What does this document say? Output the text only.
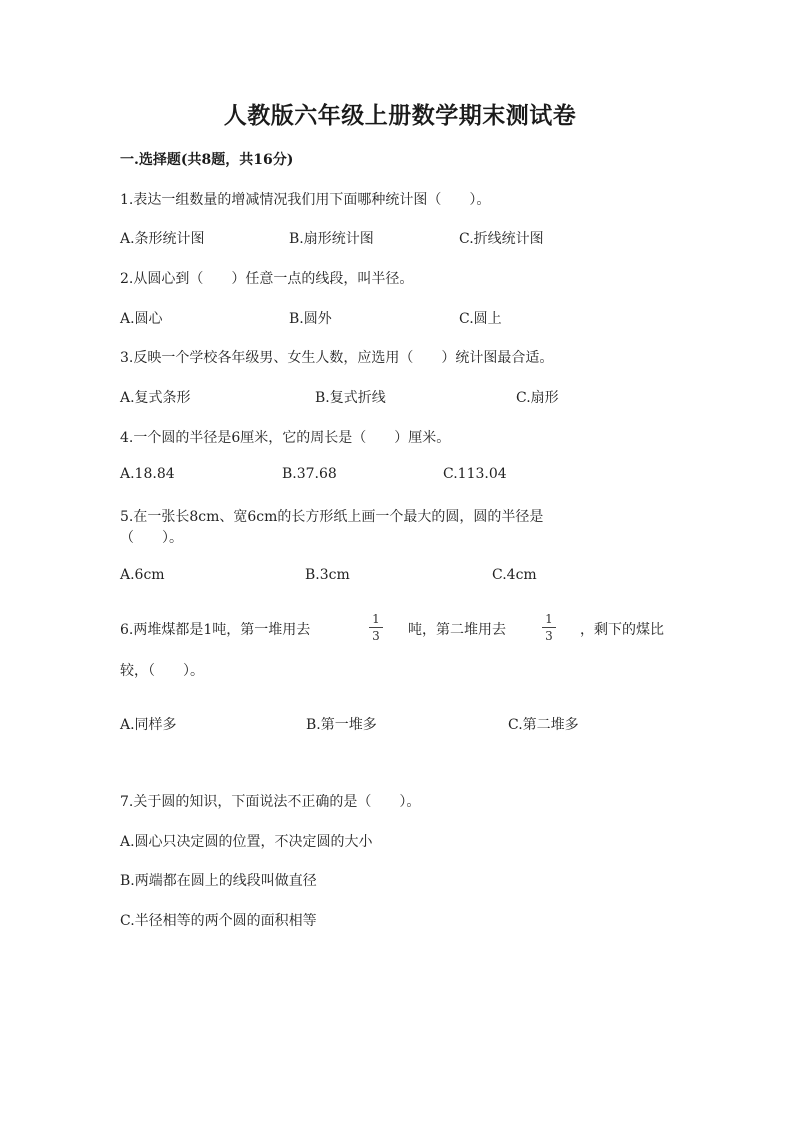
人教版六年级上册数学期末测试卷
一.选择题(共8题，共16分)
1.表达一组数量的增减情况我们用下面哪种统计图（　　）。
A.条形统计图	B.扇形统计图	C.折线统计图
2.从圆心到（　　）任意一点的线段，叫半径。
A.圆心	B.圆外	C.圆上
3.反映一个学校各年级男、女生人数，应选用（　　）统计图最合适。
A.复式条形	B.复式折线	C.扇形
4.一个圆的半径是6厘米，它的周长是（　　）厘米。
A.18.84	B.37.68	C.113.04
5.在一张长8cm、宽6cm的长方形纸上画一个最大的圆，圆的半径是
（　　）。
A.6cm	B.3cm	C.4cm
6.两堆煤都是1吨，第一堆用去
1
3 吨，第二堆用去
1
3 ，剩下的煤比
较，（　　）。
A.同样多	B.第一堆多	C.第二堆多
7.关于圆的知识，下面说法不正确的是（　　）。
A.圆心只决定圆的位置，不决定圆的大小
B.两端都在圆上的线段叫做直径
C.半径相等的两个圆的面积相等
